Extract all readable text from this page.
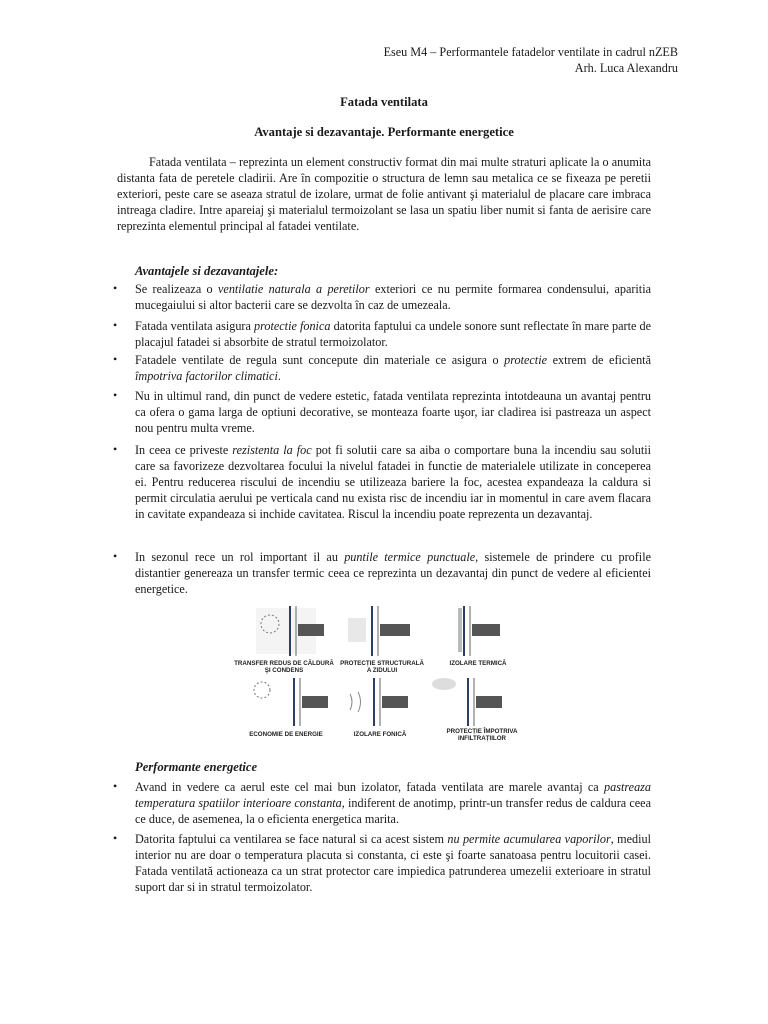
Eseu M4 – Performantele fatadelor ventilate in cadrul nZEB
Arh. Luca Alexandru
Fatada ventilata
Avantaje si dezavantaje. Performante energetice
Fatada ventilata – reprezinta un element constructiv format din mai multe straturi aplicate la o anumita distanta fata de peretele cladirii. Are în compozitie o structura de lemn sau metalica ce se fixeaza pe peretii exteriori, peste care se aseaza stratul de izolare, urmat de folie antivant şi materialul de placare care imbraca intreaga cladire. Intre apareiaj şi materialul termoizolant se lasa un spatiu liber numit si fanta de aerisire care reprezinta elementul principal al fatadei ventilate.
Avantajele si dezavantajele:
• Se realizeaza o ventilatie naturala a peretilor exteriori ce nu permite formarea condensului, aparitia mucegaiului si altor bacterii care se dezvolta în caz de umezeala.
• Fatada ventilata asigura protectie fonica datorita faptului ca undele sonore sunt reflectate în mare parte de placajul fatadei si absorbite de stratul termoizolator.
• Fatadele ventilate de regula sunt concepute din materiale ce asigura o protectie extrem de eficientă împotriva factorilor climatici.
• Nu in ultimul rand, din punct de vedere estetic, fatada ventilata reprezinta intotdeauna un avantaj pentru ca ofera o gama larga de optiuni decorative, se monteaza foarte uşor, iar cladirea isi pastreaza un aspect nou pentru multa vreme.
• In ceea ce priveste rezistenta la foc pot fi solutii care sa aiba o comportare buna la incendiu sau solutii care sa favorizeze dezvoltarea focului la nivelul fatadei in functie de materialele utilizate in conceperea ei. Pentru reducerea riscului de incendiu se utilizeaza bariere la foc, acestea expandeaza la caldura si permit circulatia aerului pe verticala cand nu exista risc de incendiu iar in momentul in care avem flacara in cavitate expandeaza si inchide cavitatea. Riscul la incendiu poate reprezenta un dezavantaj.
• In sezonul rece un rol important il au puntile termice punctuale, sistemele de prindere cu profile distantier genereaza un transfer termic ceea ce reprezinta un dezavantaj din punct de vedere al eficientei energetice.
TRANSFER REDUS DE CĂLDURĂ
ŞI CONDENS
PROTECȚIE STRUCTURALĂ
A ZIDULUI
IZOLARE TERMICĂ
ECONOMIE DE ENERGIE	IZOLARE FONICĂ	PROTECȚIE ÎMPOTRIVA
INFILTRAȚIILOR
Performante energetice
• Avand in vedere ca aerul este cel mai bun izolator, fatada ventilata are marele avantaj ca pastreaza temperatura spatiilor interioare constanta, indiferent de anotimp, printr-un transfer redus de caldura ceea ce duce, de asemenea, la o eficienta energetica marita.
• Datorita faptului ca ventilarea se face natural si ca acest sistem nu permite acumularea vaporilor, mediul interior nu are doar o temperatura placuta si constanta, ci este şi foarte sanatoasa pentru locuitorii casei. Fatada ventilată actioneaza ca un strat protector care impiedica patrunderea umezelii exterioare in stratul suport dar si in stratul termoizolator.
